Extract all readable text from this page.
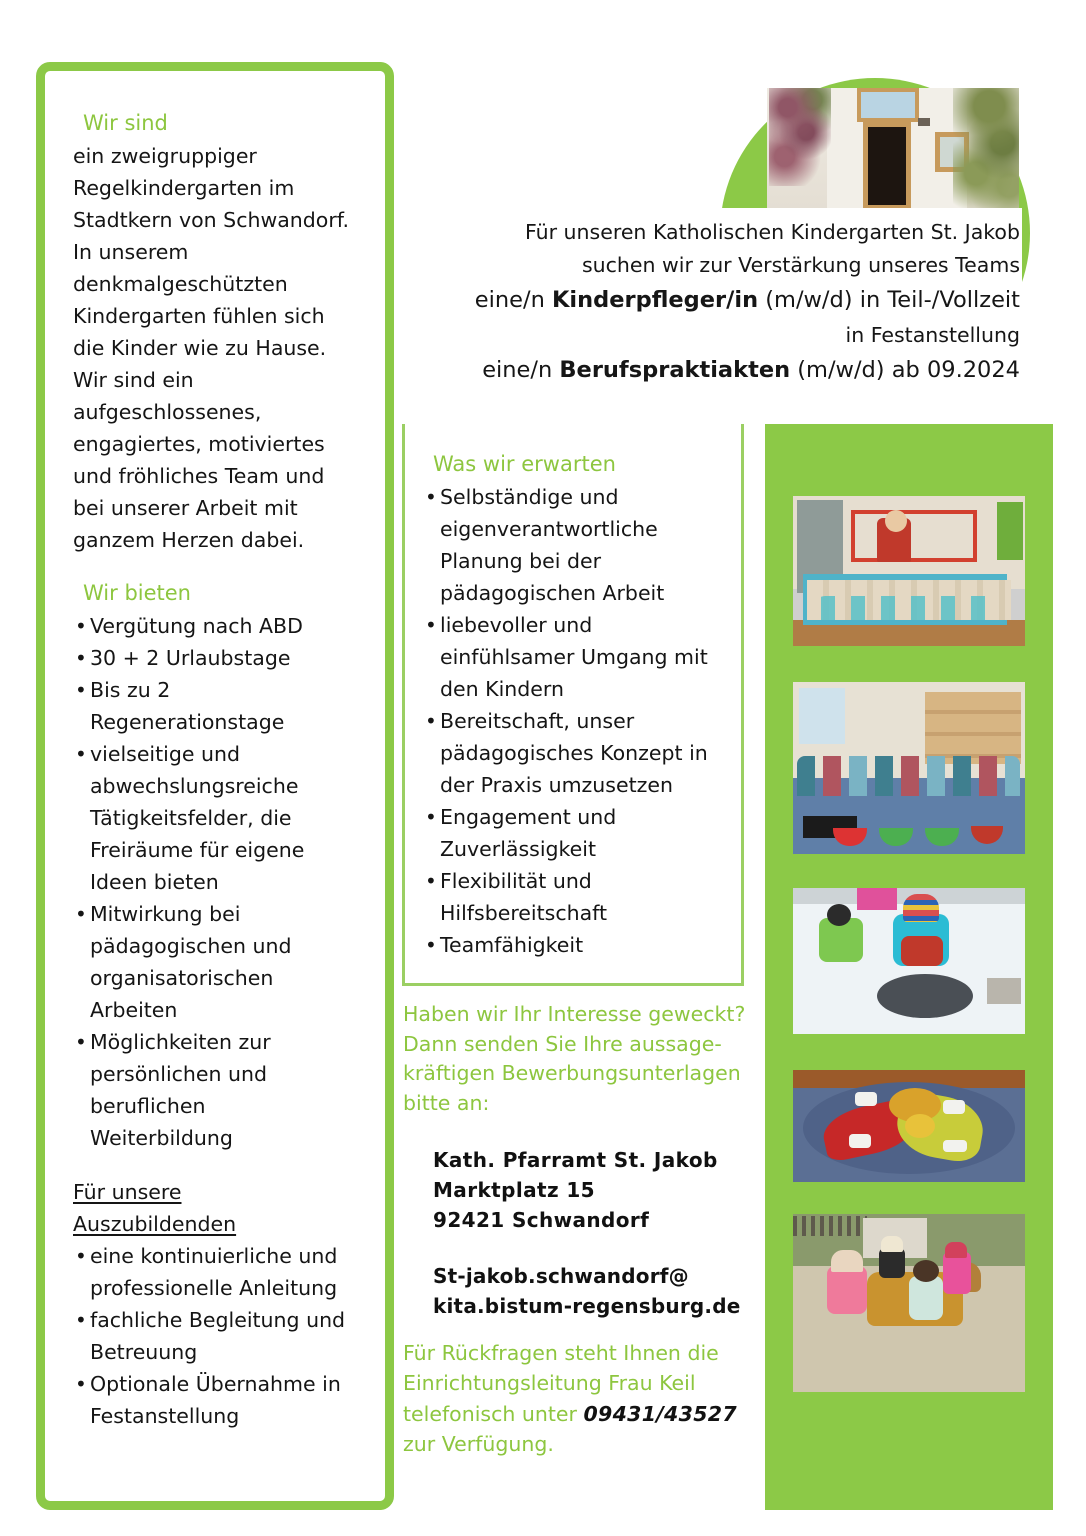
Für unseren Katholischen Kindergarten St. Jakob
suchen wir zur Verstärkung unseres Teams
eine/n Kinderpfleger/in (m/w/d) in Teil-/Vollzeit
in Festanstellung
eine/n Berufspraktiakten (m/w/d) ab 09.2024
Wir sind

ein zweigruppiger Regelkindergarten im Stadtkern von Schwandorf. In unserem denkmalgeschützten Kindergarten fühlen sich die Kinder wie zu Hause. Wir sind ein aufgeschlossenes, engagiertes, motiviertes und fröhliches Team und bei unserer Arbeit mit ganzem Herzen dabei.

Wir bieten
• Vergütung nach ABD
• 30 + 2 Urlaubstage
• Bis zu 2 Regenerationstage
• vielseitige und abwechslungsreiche Tätigkeitsfelder, die Freiräume für eigene Ideen bieten
• Mitwirkung bei pädagogischen und organisatorischen Arbeiten
• Möglichkeiten zur persönlichen und beruflichen Weiterbildung
Für unsere
Auszubildenden
• eine kontinuierliche und professionelle Anleitung
• fachliche Begleitung und Betreuung
• Optionale Übernahme in Festanstellung
Was wir erwarten
• Selbständige und eigenverantwortliche Planung bei der pädagogischen Arbeit
• liebevoller und einfühlsamer Umgang mit den Kindern
• Bereitschaft, unser pädagogisches Konzept in der Praxis umzusetzen
• Engagement und Zuverlässigkeit
• Flexibilität und Hilfsbereitschaft
• Teamfähigkeit

Haben wir Ihr Interesse geweckt? Dann senden Sie Ihre aussage-kräftigen Bewerbungsunterlagen bitte an:

Kath. Pfarramt St. Jakob
Marktplatz 15
92421 Schwandorf
St-jakob.schwandorf@
kita.bistum-regensburg.de
Für Rückfragen steht Ihnen die
Einrichtungsleitung Frau Keil
telefonisch unter 09431/43527
zur Verfügung.
